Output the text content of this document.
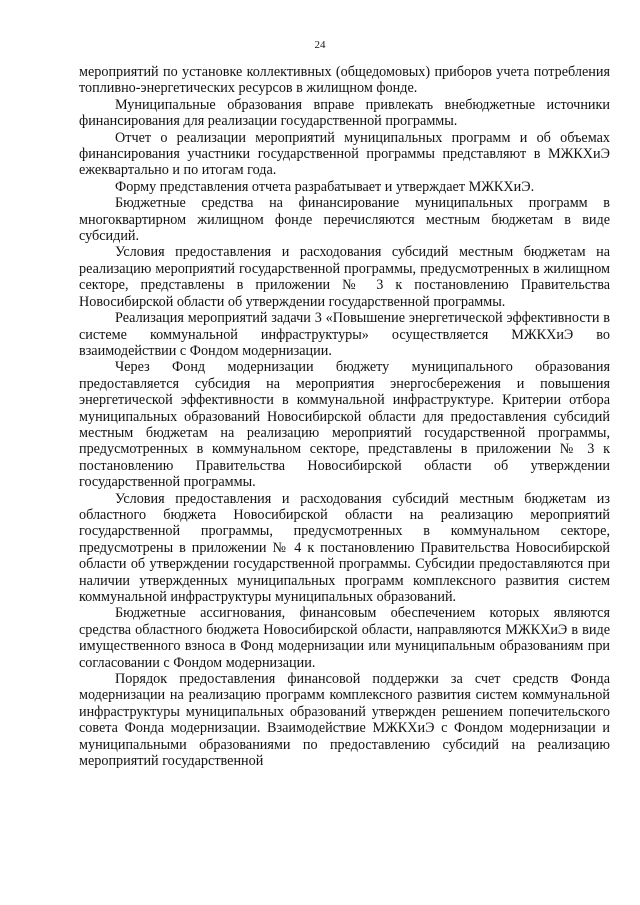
24

мероприятий по установке коллективных (общедомовых) приборов учета потребления топливно-энергетических ресурсов в жилищном фонде.

Муниципальные образования вправе привлекать внебюджетные источники финансирования для реализации государственной программы.

Отчет о реализации мероприятий муниципальных программ и об объемах финансирования участники государственной программы представляют в МЖКХиЭ ежеквартально и по итогам года.

Форму представления отчета разрабатывает и утверждает МЖКХиЭ.

Бюджетные средства на финансирование муниципальных программ в многоквартирном жилищном фонде перечисляются местным бюджетам в виде субсидий.

Условия предоставления и расходования субсидий местным бюджетам на реализацию мероприятий государственной программы, предусмотренных в жилищном секторе, представлены в приложении № 3 к постановлению Правительства Новосибирской области об утверждении государственной программы.

Реализация мероприятий задачи 3 «Повышение энергетической эффективности в системе коммунальной инфраструктуры» осуществляется МЖКХиЭ во взаимодействии с Фондом модернизации.

Через Фонд модернизации бюджету муниципального образования предоставляется субсидия на мероприятия энергосбережения и повышения энергетической эффективности в коммунальной инфраструктуре. Критерии отбора муниципальных образований Новосибирской области для предоставления субсидий местным бюджетам на реализацию мероприятий государственной программы, предусмотренных в коммунальном секторе, представлены в приложении № 3 к постановлению Правительства Новосибирской области об утверждении государственной программы.

Условия предоставления и расходования субсидий местным бюджетам из областного бюджета Новосибирской области на реализацию мероприятий государственной программы, предусмотренных в коммунальном секторе, предусмотрены в приложении № 4 к постановлению Правительства Новосибирской области об утверждении государственной программы. Субсидии предоставляются при наличии утвержденных муниципальных программ комплексного развития систем коммунальной инфраструктуры муниципальных образований.

Бюджетные ассигнования, финансовым обеспечением которых являются средства областного бюджета Новосибирской области, направляются МЖКХиЭ в виде имущественного взноса в Фонд модернизации или муниципальным образованиям при согласовании с Фондом модернизации.

Порядок предоставления финансовой поддержки за счет средств Фонда модернизации на реализацию программ комплексного развития систем коммунальной инфраструктуры муниципальных образований утвержден решением попечительского совета Фонда модернизации. Взаимодействие МЖКХиЭ с Фондом модернизации и муниципальными образованиями по предоставлению субсидий на реализацию мероприятий государственной
